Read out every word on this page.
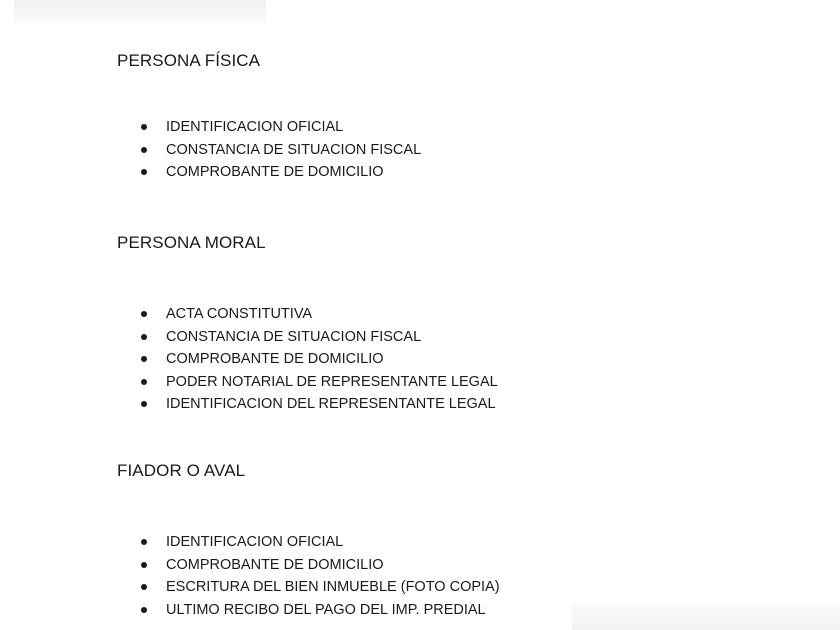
PERSONA FÍSICA
IDENTIFICACION OFICIAL
CONSTANCIA DE SITUACION FISCAL
COMPROBANTE DE DOMICILIO
PERSONA MORAL
ACTA CONSTITUTIVA
CONSTANCIA DE SITUACION FISCAL
COMPROBANTE DE DOMICILIO
PODER NOTARIAL DE REPRESENTANTE LEGAL
IDENTIFICACION DEL REPRESENTANTE LEGAL
FIADOR O AVAL
IDENTIFICACION OFICIAL
COMPROBANTE DE DOMICILIO
ESCRITURA DEL BIEN INMUEBLE (FOTO COPIA)
ULTIMO RECIBO DEL PAGO DEL IMP. PREDIAL
